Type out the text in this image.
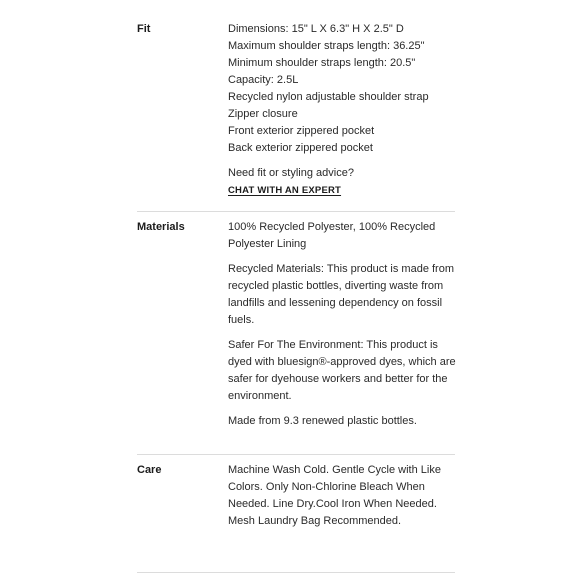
Fit	Dimensions: 15" L X 6.3" H X 2.5" D
Maximum shoulder straps length: 36.25"
Minimum shoulder straps length: 20.5"
Capacity: 2.5L
Recycled nylon adjustable shoulder strap
Zipper closure
Front exterior zippered pocket
Back exterior zippered pocket
Need fit or styling advice?
CHAT WITH AN EXPERT
Materials	100% Recycled Polyester, 100% Recycled Polyester Lining
Recycled Materials: This product is made from recycled plastic bottles, diverting waste from landfills and lessening dependency on fossil fuels.
Safer For The Environment: This product is dyed with bluesign®-approved dyes, which are safer for dyehouse workers and better for the environment.
Made from 9.3 renewed plastic bottles.
Care	Machine Wash Cold. Gentle Cycle with Like Colors. Only Non-Chlorine Bleach When Needed. Line Dry.Cool Iron When Needed. Mesh Laundry Bag Recommended.
